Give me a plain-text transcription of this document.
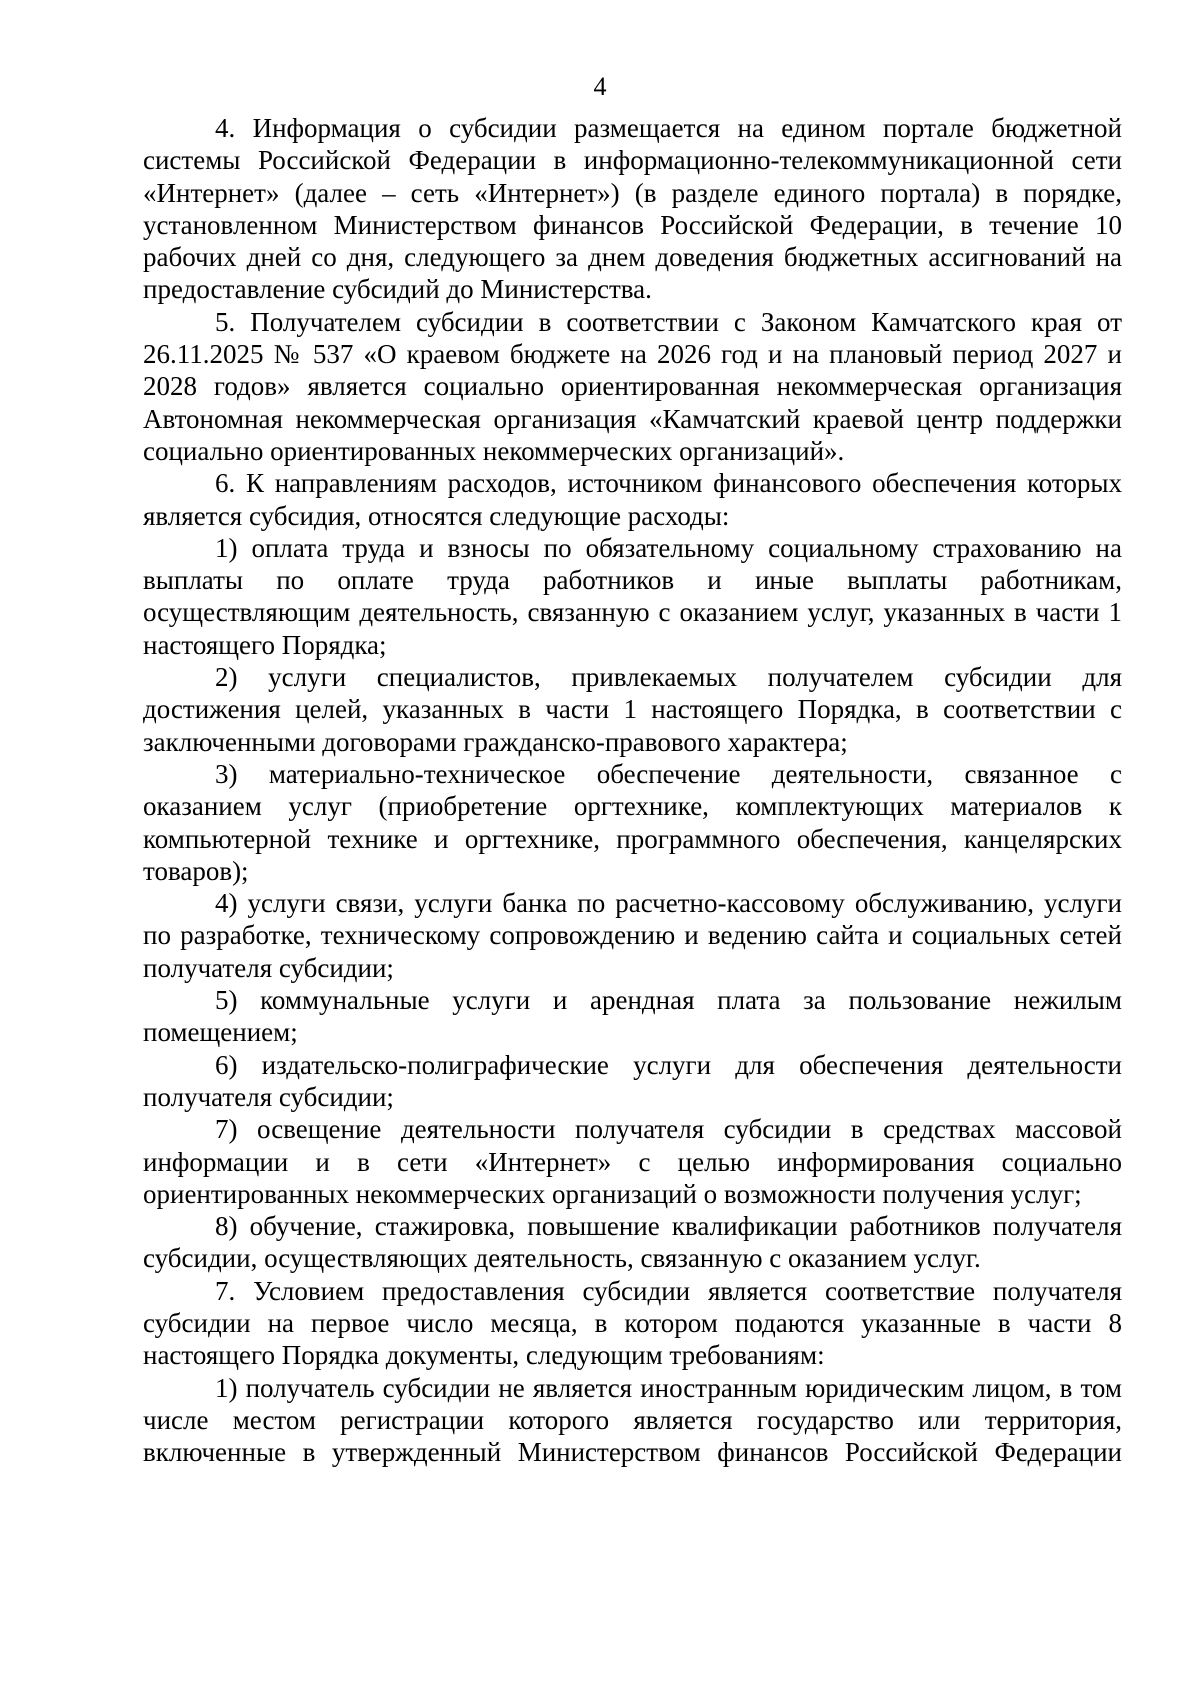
4

4. Информация о субсидии размещается на едином портале бюджетной системы Российской Федерации в информационно-телекоммуникационной сети «Интернет» (далее – сеть «Интернет») (в разделе единого портала) в порядке, установленном Министерством финансов Российской Федерации, в течение 10 рабочих дней со дня, следующего за днем доведения бюджетных ассигнований на предоставление субсидий до Министерства.

5. Получателем субсидии в соответствии с Законом Камчатского края от 26.11.2025 № 537 «О краевом бюджете на 2026 год и на плановый период 2027 и 2028 годов» является социально ориентированная некоммерческая организация Автономная некоммерческая организация «Камчатский краевой центр поддержки социально ориентированных некоммерческих организаций».

6. К направлениям расходов, источником финансового обеспечения которых является субсидия, относятся следующие расходы:

1) оплата труда и взносы по обязательному социальному страхованию на выплаты по оплате труда работников и иные выплаты работникам, осуществляющим деятельность, связанную с оказанием услуг, указанных в части 1 настоящего Порядка;

2) услуги специалистов, привлекаемых получателем субсидии для достижения целей, указанных в части 1 настоящего Порядка, в соответствии с заключенными договорами гражданско-правового характера;

3) материально-техническое обеспечение деятельности, связанное с оказанием услуг (приобретение оргтехнике, комплектующих материалов к компьютерной технике и оргтехнике, программного обеспечения, канцелярских товаров);

4) услуги связи, услуги банка по расчетно-кассовому обслуживанию, услуги по разработке, техническому сопровождению и ведению сайта и социальных сетей получателя субсидии;

5) коммунальные услуги и арендная плата за пользование нежилым помещением;

6) издательско-полиграфические услуги для обеспечения деятельности получателя субсидии;

7) освещение деятельности получателя субсидии в средствах массовой информации и в сети «Интернет» с целью информирования социально ориентированных некоммерческих организаций о возможности получения услуг;

8) обучение, стажировка, повышение квалификации работников получателя субсидии, осуществляющих деятельность, связанную с оказанием услуг.

7. Условием предоставления субсидии является соответствие получателя субсидии на первое число месяца, в котором подаются указанные в части 8 настоящего Порядка документы, следующим требованиям:

1) получатель субсидии не является иностранным юридическим лицом, в том числе местом регистрации которого является государство или территория, включенные в утвержденный Министерством финансов Российской Федерации
